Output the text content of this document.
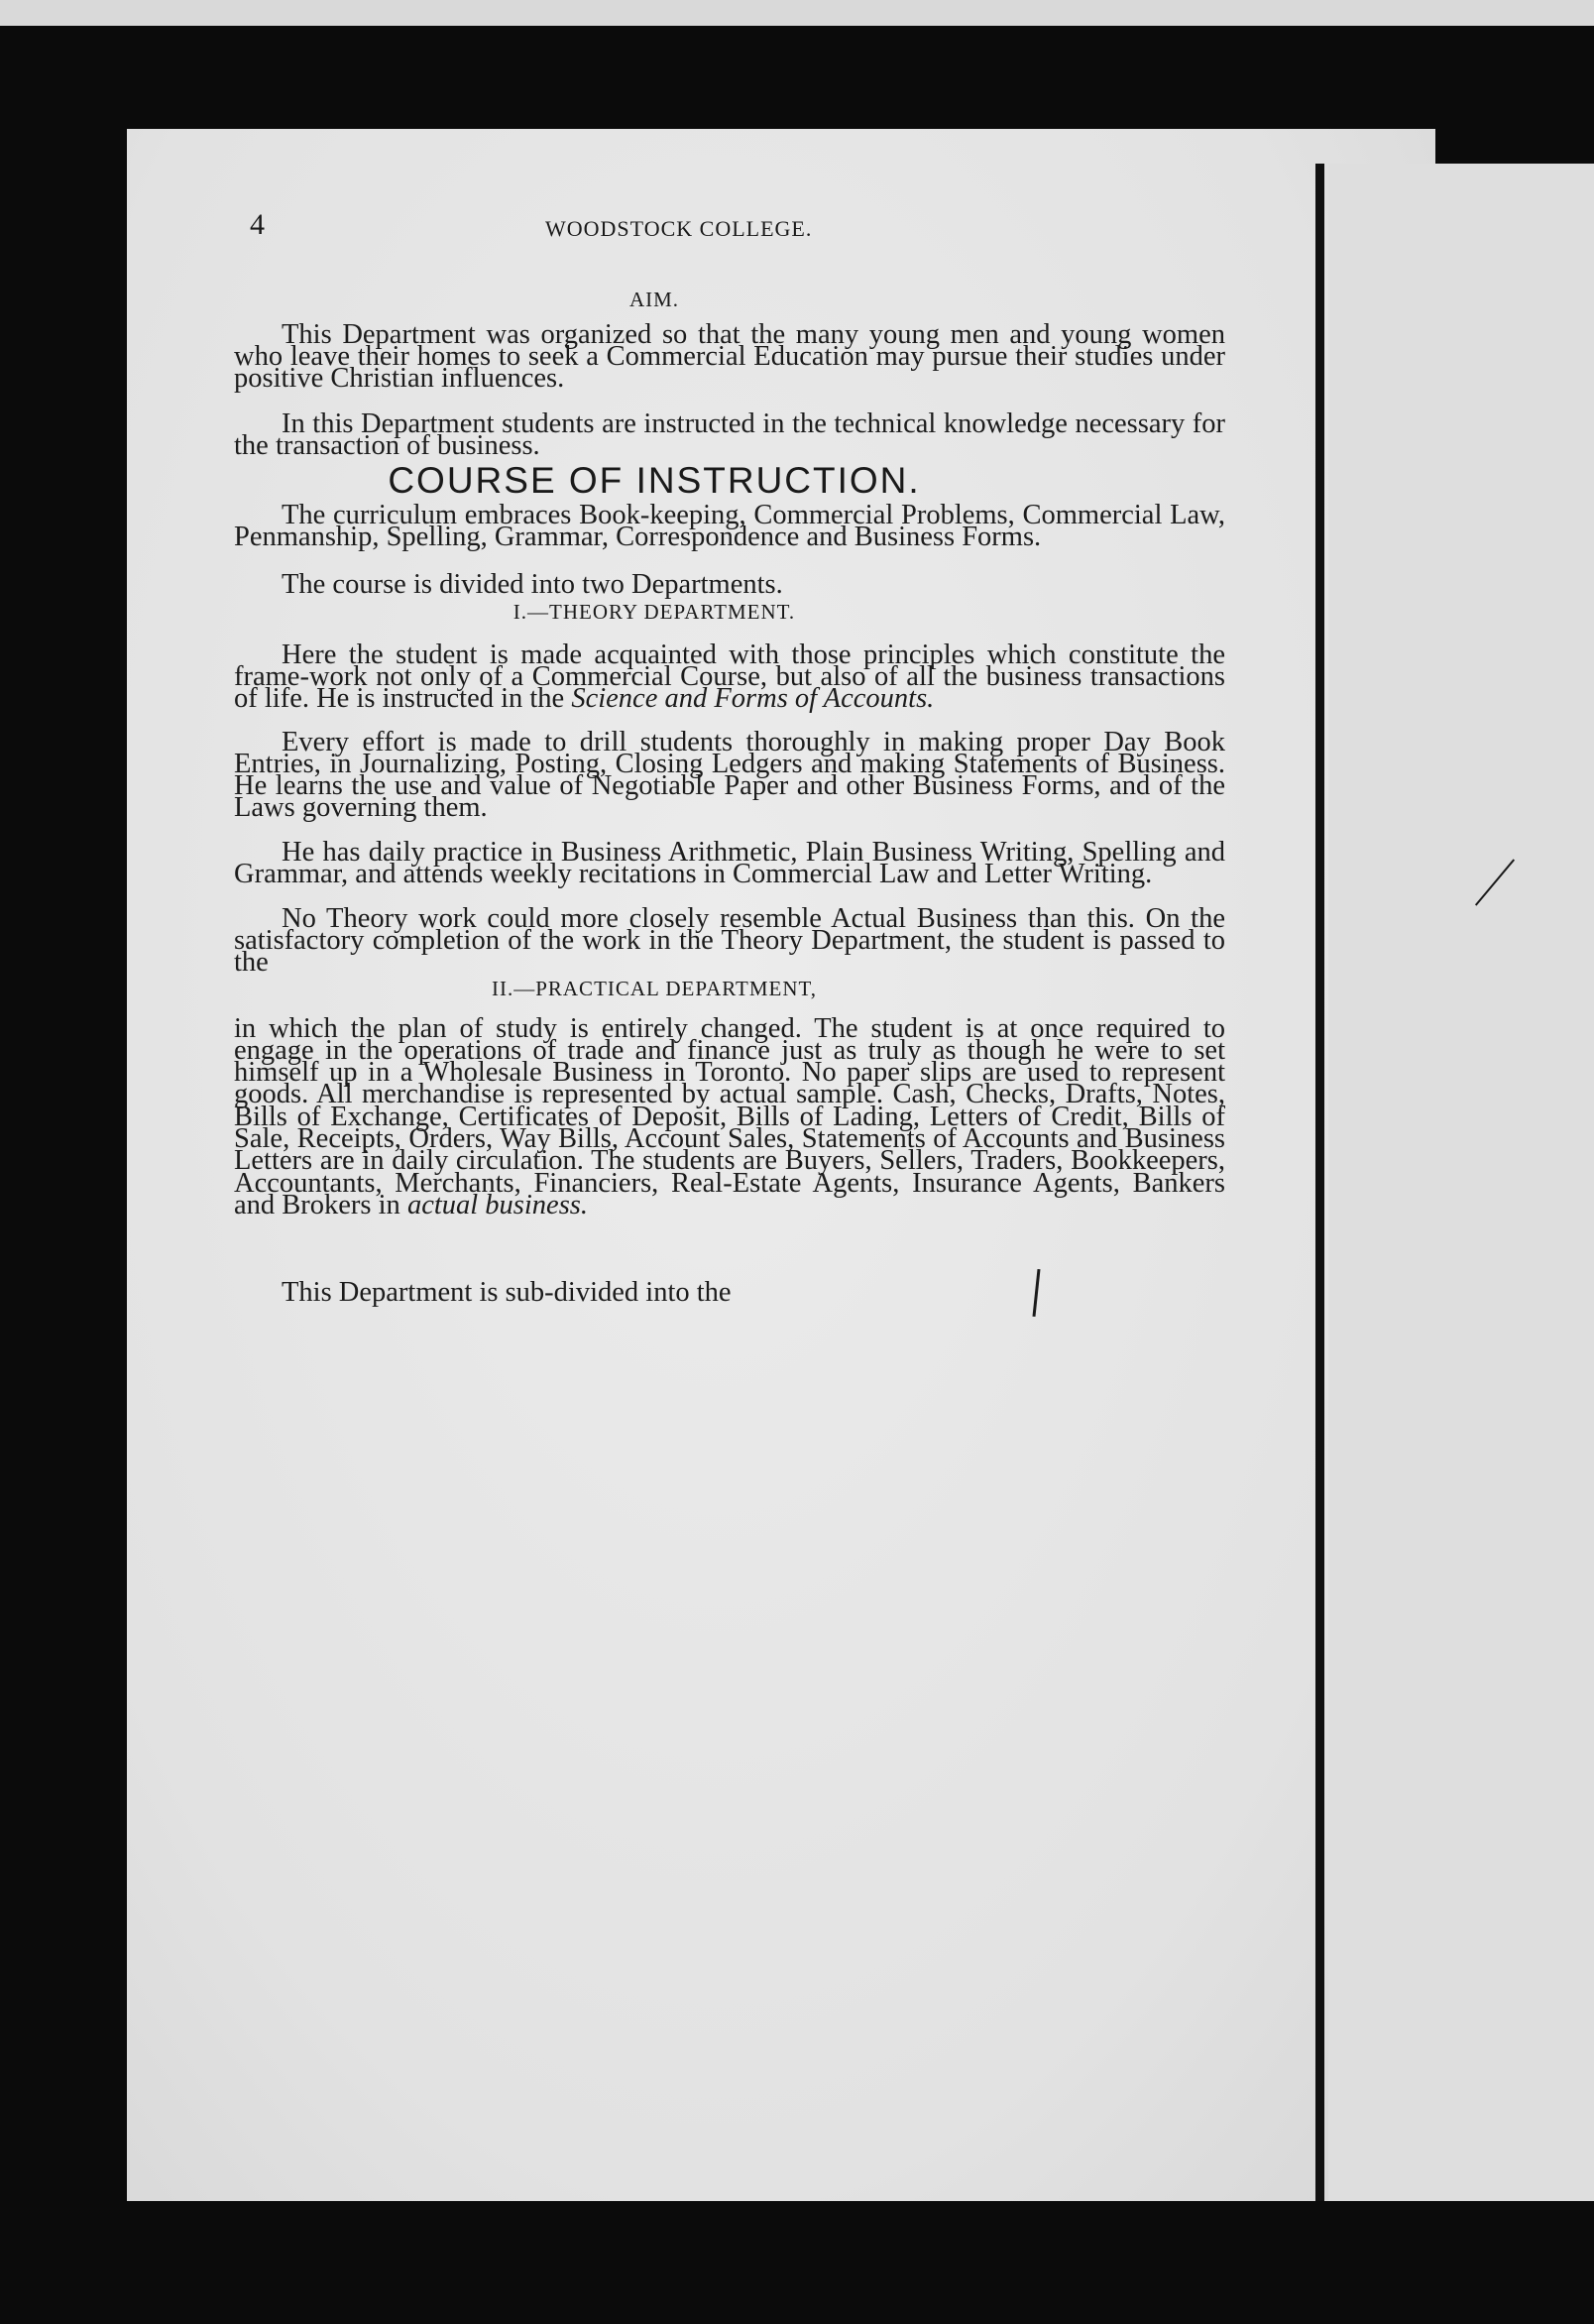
4	WOODSTOCK COLLEGE.
AIM.

This Department was organized so that the many young men and young women who leave their homes to seek a Commercial Education may pursue their studies under positive Christian influences.

In this Department students are instructed in the technical knowledge necessary for the transaction of business.

COURSE OF INSTRUCTION.

The curriculum embraces Book-keeping, Commercial Problems, Commercial Law, Penmanship, Spelling, Grammar, Correspondence and Business Forms.

The course is divided into two Departments.

I.—THEORY DEPARTMENT.

Here the student is made acquainted with those principles which constitute the frame-work not only of a Commercial Course, but also of all the business transactions of life. He is instructed in the Science and Forms of Accounts.

Every effort is made to drill students thoroughly in making proper Day Book Entries, in Journalizing, Posting, Closing Ledgers and making Statements of Business. He learns the use and value of Negotiable Paper and other Business Forms, and of the Laws governing them.

He has daily practice in Business Arithmetic, Plain Business Writing, Spelling and Grammar, and attends weekly recitations in Commercial Law and Letter Writing.

No Theory work could more closely resemble Actual Business than this. On the satisfactory completion of the work in the Theory Department, the student is passed to the

II.—PRACTICAL DEPARTMENT,

in which the plan of study is entirely changed. The student is at once required to engage in the operations of trade and finance just as truly as though he were to set himself up in a Wholesale Business in Toronto. No paper slips are used to represent goods. All merchandise is represented by actual sample. Cash, Checks, Drafts, Notes, Bills of Exchange, Certificates of Deposit, Bills of Lading, Letters of Credit, Bills of Sale, Receipts, Orders, Way Bills, Account Sales, Statements of Accounts and Business Letters are in daily circulation. The students are Buyers, Sellers, Traders, Bookkeepers, Accountants, Merchants, Financiers, Real-Estate Agents, Insurance Agents, Bankers and Brokers in actual business.

This Department is sub-divided into the
